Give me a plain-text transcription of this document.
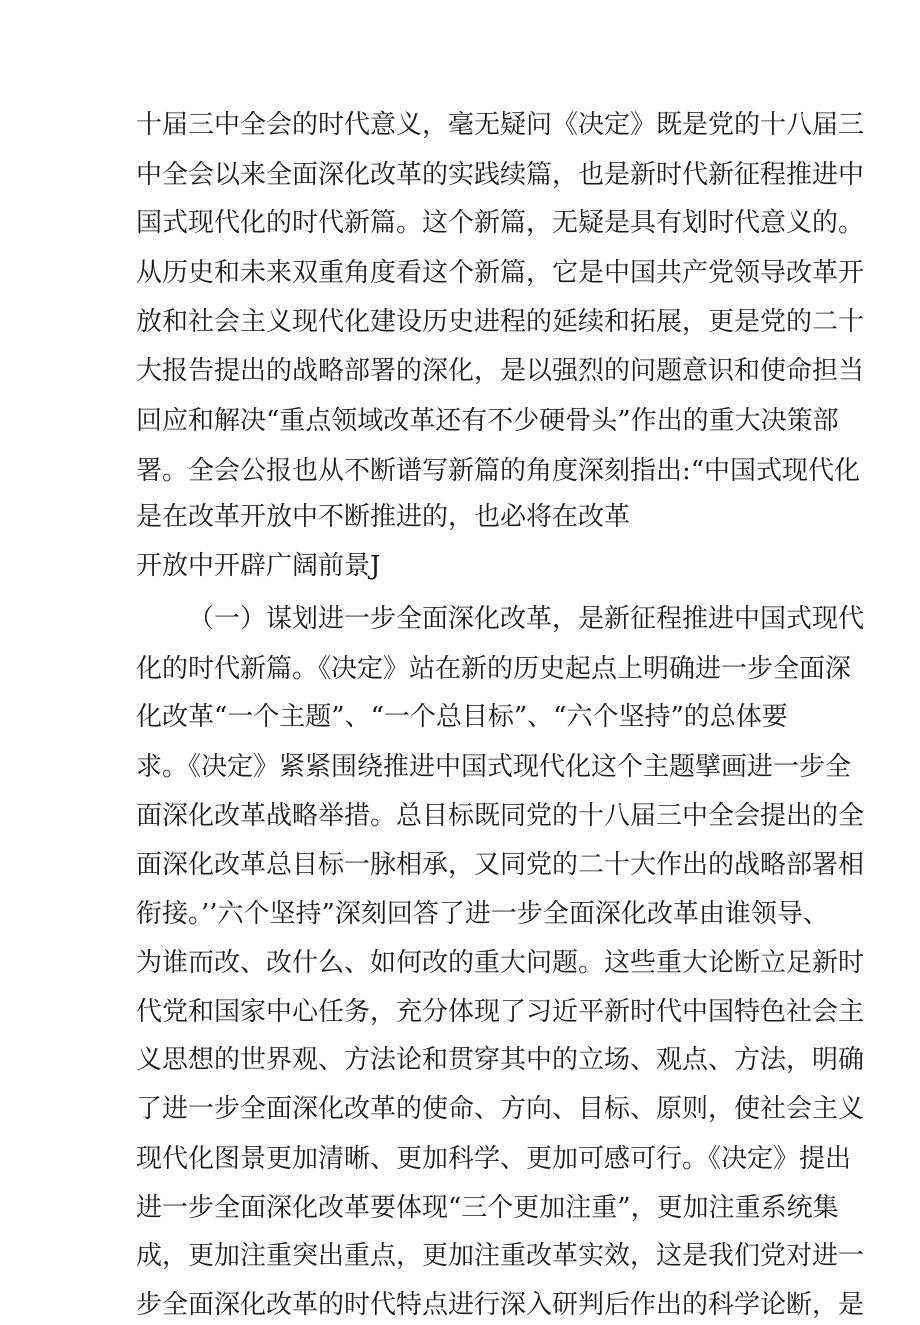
十届三中全会的时代意义，毫无疑问《决定》既是党的十八届三
中全会以来全面深化改革的实践续篇，也是新时代新征程推进中
国式现代化的时代新篇。这个新篇，无疑是具有划时代意义的。
从历史和未来双重角度看这个新篇，它是中国共产党领导改革开
放和社会主义现代化建设历史进程的延续和拓展，更是党的二十
大报告提出的战略部署的深化，是以强烈的问题意识和使命担当
回应和解决“重点领域改革还有不少硬骨头”作出的重大决策部
署。全会公报也从不断谱写新篇的角度深刻指出:“中国式现代化
是在改革开放中不断推进的，也必将在改革
开放中开辟广阔前景J
（一）谋划进一步全面深化改革，是新征程推进中国式现代
化的时代新篇。《决定》站在新的历史起点上明确进一步全面深
化改革“一个主题”、“一个总目标”、“六个坚持”的总体要
求。《决定》紧紧围绕推进中国式现代化这个主题擘画进一步全
面深化改革战略举措。总目标既同党的十八届三中全会提出的全
面深化改革总目标一脉相承，又同党的二十大作出的战略部署相
衔接。’’六个坚持”深刻回答了进一步全面深化改革由谁领导、
为谁而改、改什么、如何改的重大问题。这些重大论断立足新时
代党和国家中心任务，充分体现了习近平新时代中国特色社会主
义思想的世界观、方法论和贯穿其中的立场、观点、方法，明确
了进一步全面深化改革的使命、方向、目标、原则，使社会主义
现代化图景更加清晰、更加科学、更加可感可行。《决定》提出
进一步全面深化改革要体现“三个更加注重”，更加注重系统集
成，更加注重突出重点，更加注重改革实效，这是我们党对进一
步全面深化改革的时代特点进行深入研判后作出的科学论断，是
